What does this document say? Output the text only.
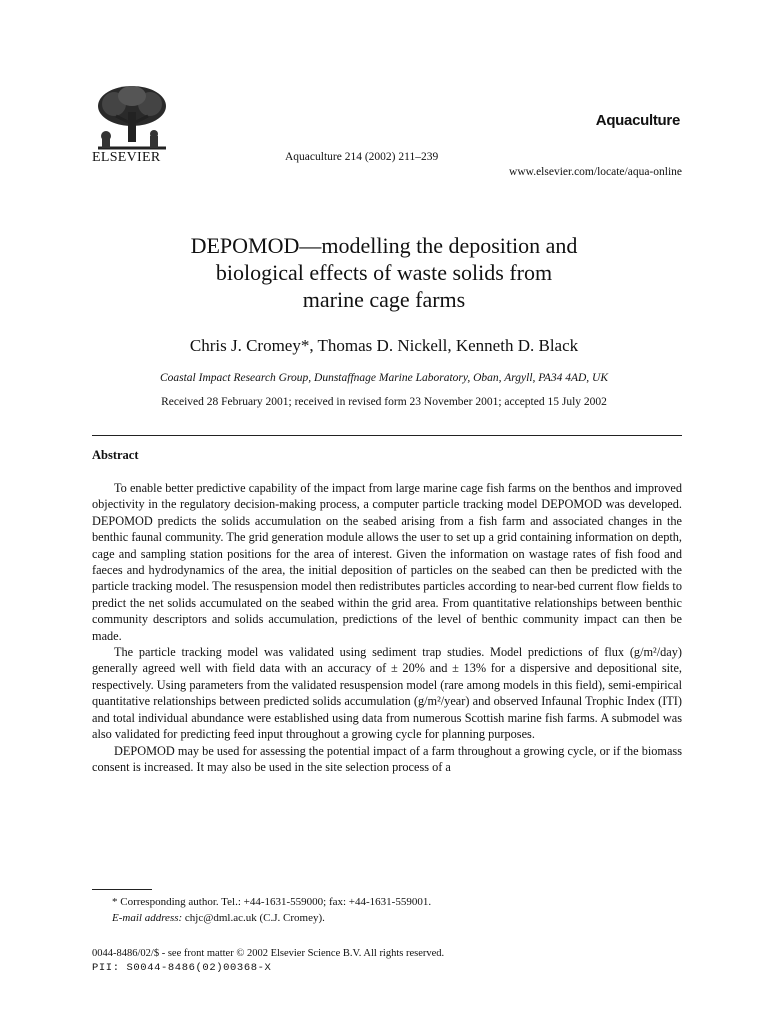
ELSEVIER
Aquaculture
Aquaculture 214 (2002) 211–239
www.elsevier.com/locate/aqua-online
DEPOMOD—modelling the deposition and
biological effects of waste solids from
marine cage farms
Chris J. Cromey*, Thomas D. Nickell, Kenneth D. Black
Coastal Impact Research Group, Dunstaffnage Marine Laboratory, Oban, Argyll, PA34 4AD, UK
Received 28 February 2001; received in revised form 23 November 2001; accepted 15 July 2002
Abstract

To enable better predictive capability of the impact from large marine cage fish farms on the benthos and improved objectivity in the regulatory decision-making process, a computer particle tracking model DEPOMOD was developed. DEPOMOD predicts the solids accumulation on the seabed arising from a fish farm and associated changes in the benthic faunal community. The grid generation module allows the user to set up a grid containing information on depth, cage and sampling station positions for the area of interest. Given the information on wastage rates of fish food and faeces and hydrodynamics of the area, the initial deposition of particles on the seabed can then be predicted with the particle tracking model. The resuspension model then redistributes particles according to near-bed current flow fields to predict the net solids accumulated on the seabed within the grid area. From quantitative relationships between benthic community descriptors and solids accumulation, predictions of the level of benthic community impact can then be made.

The particle tracking model was validated using sediment trap studies. Model predictions of flux (g/m²/day) generally agreed well with field data with an accuracy of ± 20% and ± 13% for a dispersive and depositional site, respectively. Using parameters from the validated resuspension model (rare among models in this field), semi-empirical quantitative relationships between predicted solids accumulation (g/m²/year) and observed Infaunal Trophic Index (ITI) and total individual abundance were established using data from numerous Scottish marine fish farms. A submodel was also validated for predicting feed input throughout a growing cycle for planning purposes.

DEPOMOD may be used for assessing the potential impact of a farm throughout a growing cycle, or if the biomass consent is increased. It may also be used in the site selection process of a

* Corresponding author. Tel.: +44-1631-559000; fax: +44-1631-559001.
E-mail address: chjc@dml.ac.uk (C.J. Cromey).
0044-8486/02/$ - see front matter © 2002 Elsevier Science B.V. All rights reserved.
PII: S0044-8486(02)00368-X
